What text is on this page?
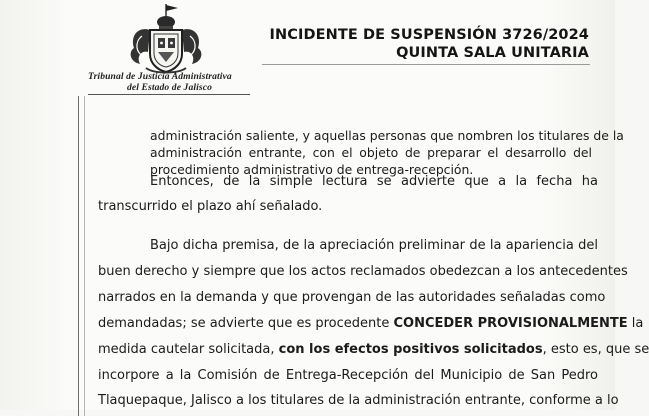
Tribunal de Justicia Administrativa
del Estado de Jalisco
INCIDENTE DE SUSPENSIÓN 3726/2024
QUINTA SALA UNITARIA
administración saliente, y aquellas personas que nombren los titulares de la
administración entrante, con el objeto de preparar el desarrollo del
procedimiento administrativo de entrega-recepción.
Entonces, de la simple lectura se advierte que a la fecha ha
transcurrido el plazo ahí señalado.
Bajo dicha premisa, de la apreciación preliminar de la apariencia del
buen derecho y siempre que los actos reclamados obedezcan a los antecedentes
narrados en la demanda y que provengan de las autoridades señaladas como
demandadas; se advierte que es procedente CONCEDER PROVISIONALMENTE la
medida cautelar solicitada, con los efectos positivos solicitados, esto es, que se
incorpore a la Comisión de Entrega-Recepción del Municipio de San Pedro
Tlaquepaque, Jalisco a los titulares de la administración entrante, conforme a lo
